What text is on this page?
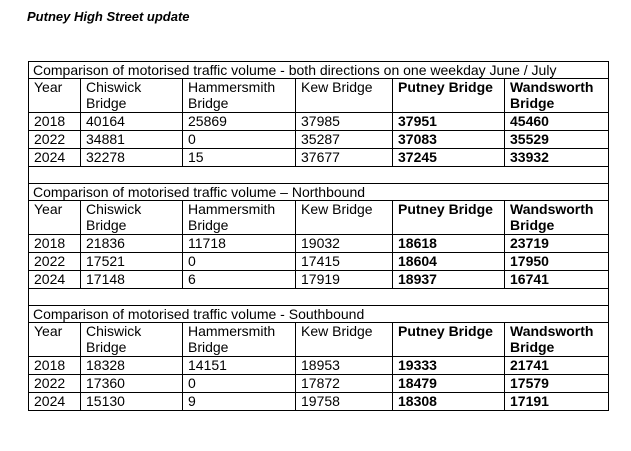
Putney High Street update
Comparison of motorised traffic volume - both directions on one weekday June / July					
Year	Chiswick Bridge	Hammersmith Bridge	Kew Bridge	Putney Bridge	Wandsworth Bridge
2018	40164	25869	37985	37951	45460
2022	34881	0	35287	37083	35529
2024	32278	15	37677	37245	33932

Comparison of motorised traffic volume – Northbound					
Year	Chiswick Bridge	Hammersmith Bridge	Kew Bridge	Putney Bridge	Wandsworth Bridge
2018	21836	11718	19032	18618	23719
2022	17521	0	17415	18604	17950
2024	17148	6	17919	18937	16741

Comparison of motorised traffic volume - Southbound					
Year	Chiswick Bridge	Hammersmith Bridge	Kew Bridge	Putney Bridge	Wandsworth Bridge
2018	18328	14151	18953	19333	21741
2022	17360	0	17872	18479	17579
2024	15130	9	19758	18308	17191
